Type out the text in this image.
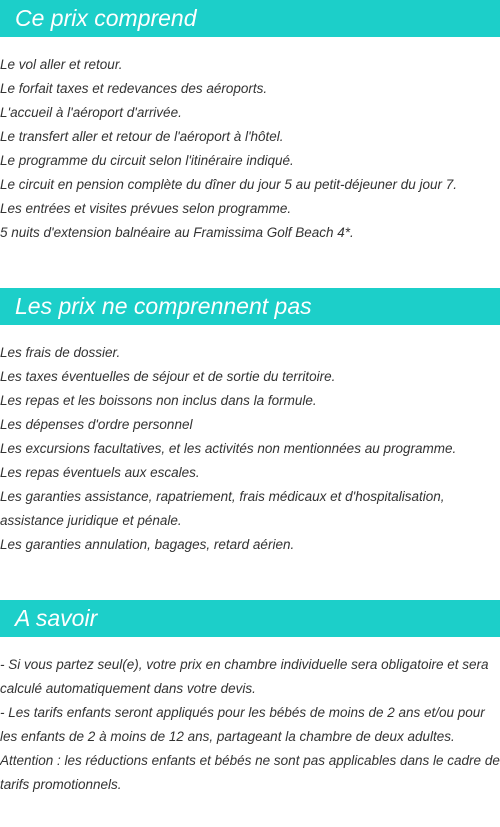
Ce prix comprend
Le vol aller et retour.
Le forfait taxes et redevances des aéroports.
L'accueil à l'aéroport d'arrivée.
Le transfert aller et retour de l'aéroport à l'hôtel.
Le programme du circuit selon l'itinéraire indiqué.
Le circuit en pension complète du dîner du jour 5 au petit-déjeuner du jour 7.
Les entrées et visites prévues selon programme.
5 nuits d'extension balnéaire au Framissima Golf Beach 4*.
Les prix ne comprennent pas
Les frais de dossier.
Les taxes éventuelles de séjour et de sortie du territoire.
Les repas et les boissons non inclus dans la formule.
Les dépenses d'ordre personnel
Les excursions facultatives, et les activités non mentionnées au programme.
Les repas éventuels aux escales.
Les garanties assistance, rapatriement, frais médicaux et d'hospitalisation, assistance juridique et pénale.
Les garanties annulation, bagages, retard aérien.
A savoir
- Si vous partez seul(e), votre prix en chambre individuelle sera obligatoire et sera calculé automatiquement dans votre devis.
- Les tarifs enfants seront appliqués pour les bébés de moins de 2 ans et/ou pour les enfants de 2 à moins de 12 ans, partageant la chambre de deux adultes.
Attention : les réductions enfants et bébés ne sont pas applicables dans le cadre de tarifs promotionnels.
